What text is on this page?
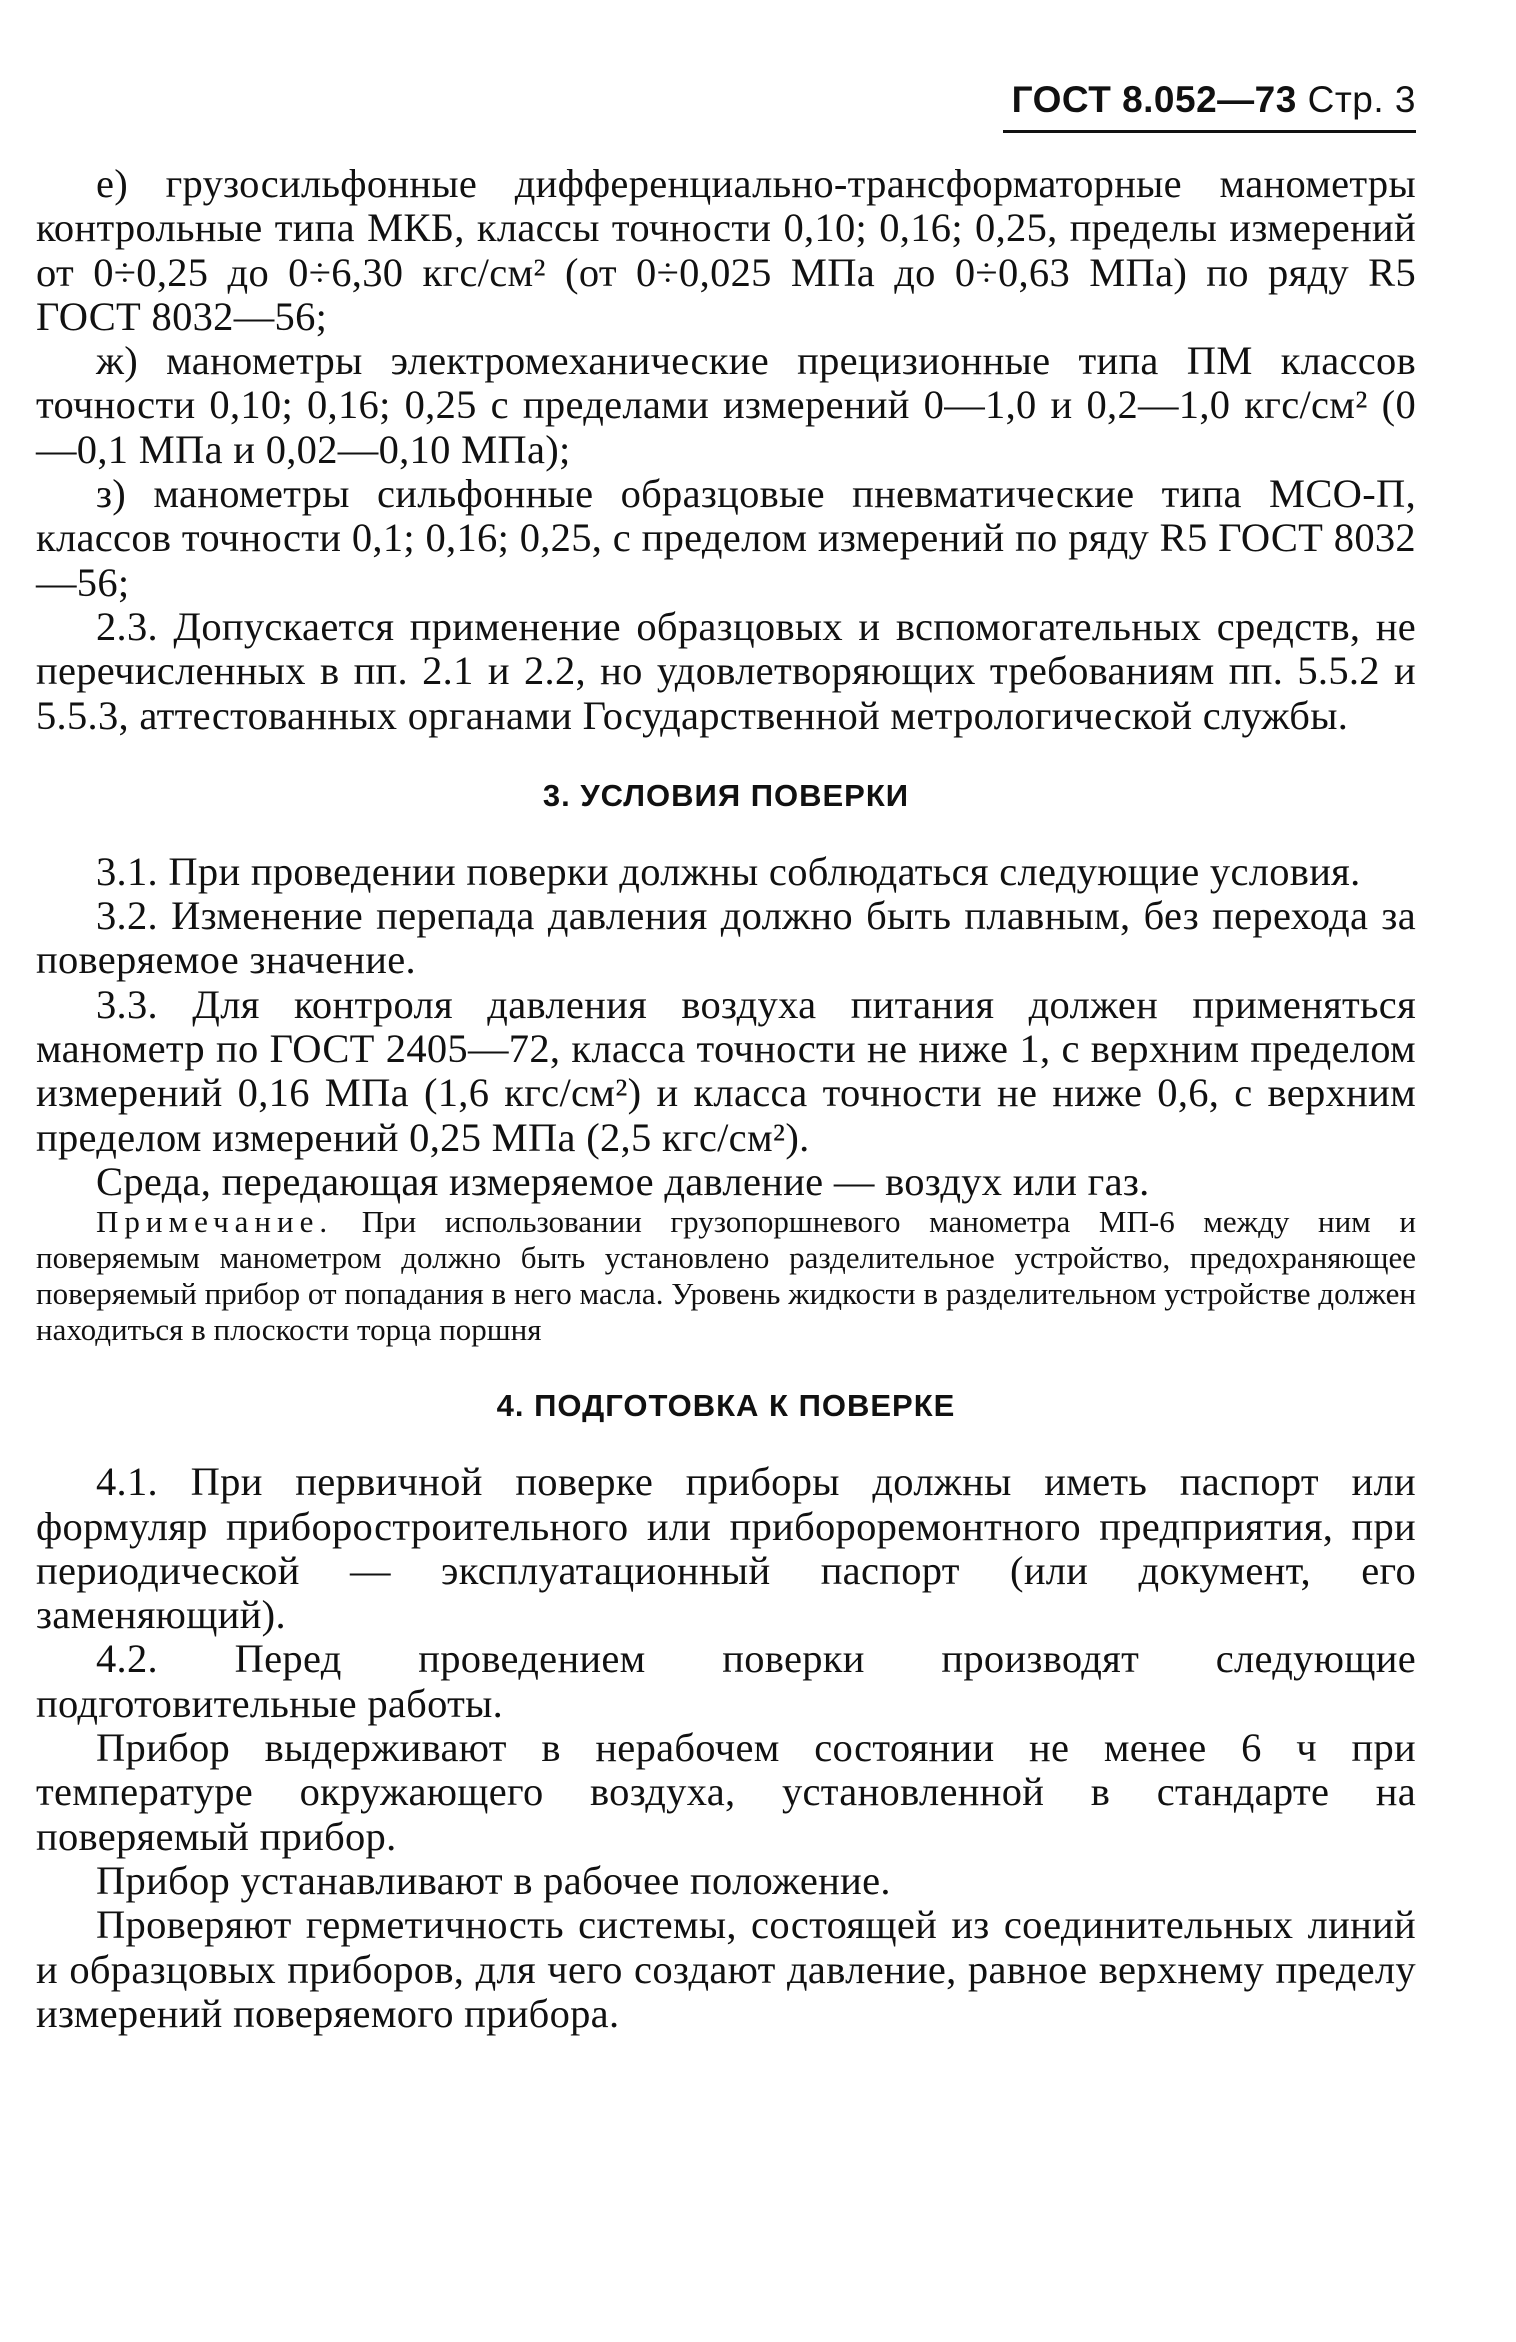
ГОСТ 8.052—73 Стр. 3

е) грузосильфонные дифференциально-трансформаторные манометры контрольные типа МКБ, классы точности 0,10; 0,16; 0,25, пределы измерений от 0÷0,25 до 0÷6,30 кгс/см² (от 0÷0,025 МПа до 0÷0,63 МПа) по ряду R5 ГОСТ 8032—56;

ж) манометры электромеханические прецизионные типа ПМ классов точности 0,10; 0,16; 0,25 с пределами измерений 0—1,0 и 0,2—1,0 кгс/см² (0—0,1 МПа и 0,02—0,10 МПа);

з) манометры сильфонные образцовые пневматические типа МСО-П, классов точности 0,1; 0,16; 0,25, с пределом измерений по ряду R5 ГОСТ 8032—56;

2.3. Допускается применение образцовых и вспомогательных средств, не перечисленных в пп. 2.1 и 2.2, но удовлетворяющих требованиям пп. 5.5.2 и 5.5.3, аттестованных органами Государственной метрологической службы.

3. УСЛОВИЯ ПОВЕРКИ

3.1. При проведении поверки должны соблюдаться следующие условия.

3.2. Изменение перепада давления должно быть плавным, без перехода за поверяемое значение.

3.3. Для контроля давления воздуха питания должен применяться манометр по ГОСТ 2405—72, класса точности не ниже 1, с верхним пределом измерений 0,16 МПа (1,6 кгс/см²) и класса точности не ниже 0,6, с верхним пределом измерений 0,25 МПа (2,5 кгс/см²).

Среда, передающая измеряемое давление — воздух или газ.

Примечание. При использовании грузопоршневого манометра МП-6 между ним и поверяемым манометром должно быть установлено разделительное устройство, предохраняющее поверяемый прибор от попадания в него масла. Уровень жидкости в разделительном устройстве должен находиться в плоскости торца поршня

4. ПОДГОТОВКА К ПОВЕРКЕ

4.1. При первичной поверке приборы должны иметь паспорт или формуляр приборостроительного или прибороремонтного предприятия, при периодической — эксплуатационный паспорт (или документ, его заменяющий).

4.2. Перед проведением поверки производят следующие подготовительные работы.

Прибор выдерживают в нерабочем состоянии не менее 6 ч при температуре окружающего воздуха, установленной в стандарте на поверяемый прибор.

Прибор устанавливают в рабочее положение.

Проверяют герметичность системы, состоящей из соединительных линий и образцовых приборов, для чего создают давление, равное верхнему пределу измерений поверяемого прибора.
